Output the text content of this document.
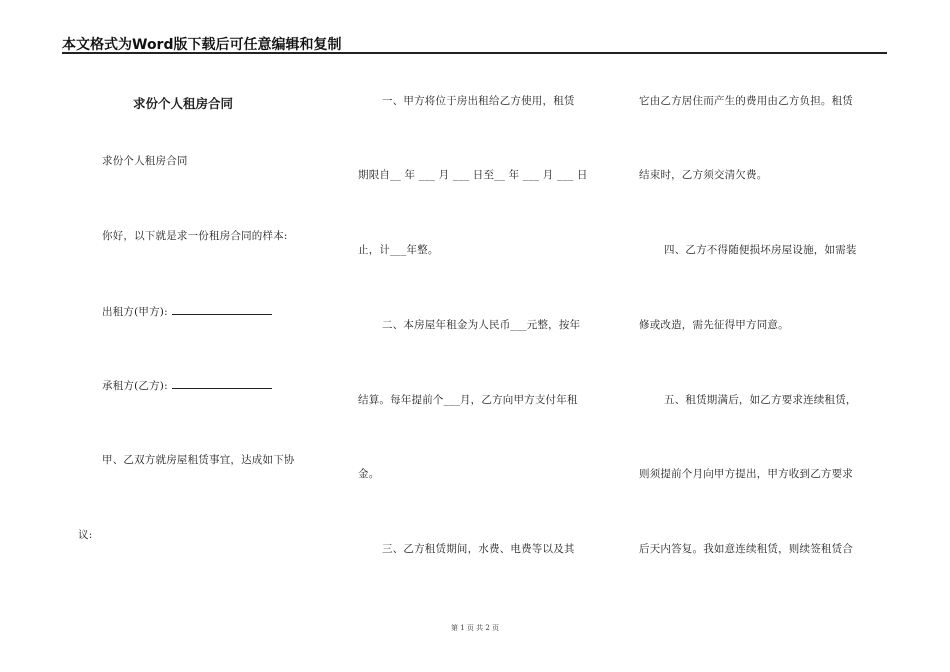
本文格式为Word版下载后可任意编辑和复制
求份个人租房合同
求份个人租房合同
你好，以下就是求一份租房合同的样本:
出租方(甲方):
承租方(乙方):
甲、乙双方就房屋租赁事宜，达成如下协
议:
一、甲方将位于房出租给乙方使用，租赁
期限自__ 年 ___ 月 ___ 日至__ 年 ___ 月 ___ 日
止，计___年整。
二、本房屋年租金为人民币___元整，按年
结算。每年提前个___月，乙方向甲方支付年租
金。
三、乙方租赁期间，水费、电费等以及其
它由乙方居住而产生的费用由乙方负担。租赁
结束时，乙方须交清欠费。
四、乙方不得随便损坏房屋设施，如需装
修或改造，需先征得甲方同意。
五、租赁期满后，如乙方要求连续租赁，
则须提前个月向甲方提出，甲方收到乙方要求
后天内答复。我如意连续租赁，则续签租赁合
第 1 页 共 2 页
